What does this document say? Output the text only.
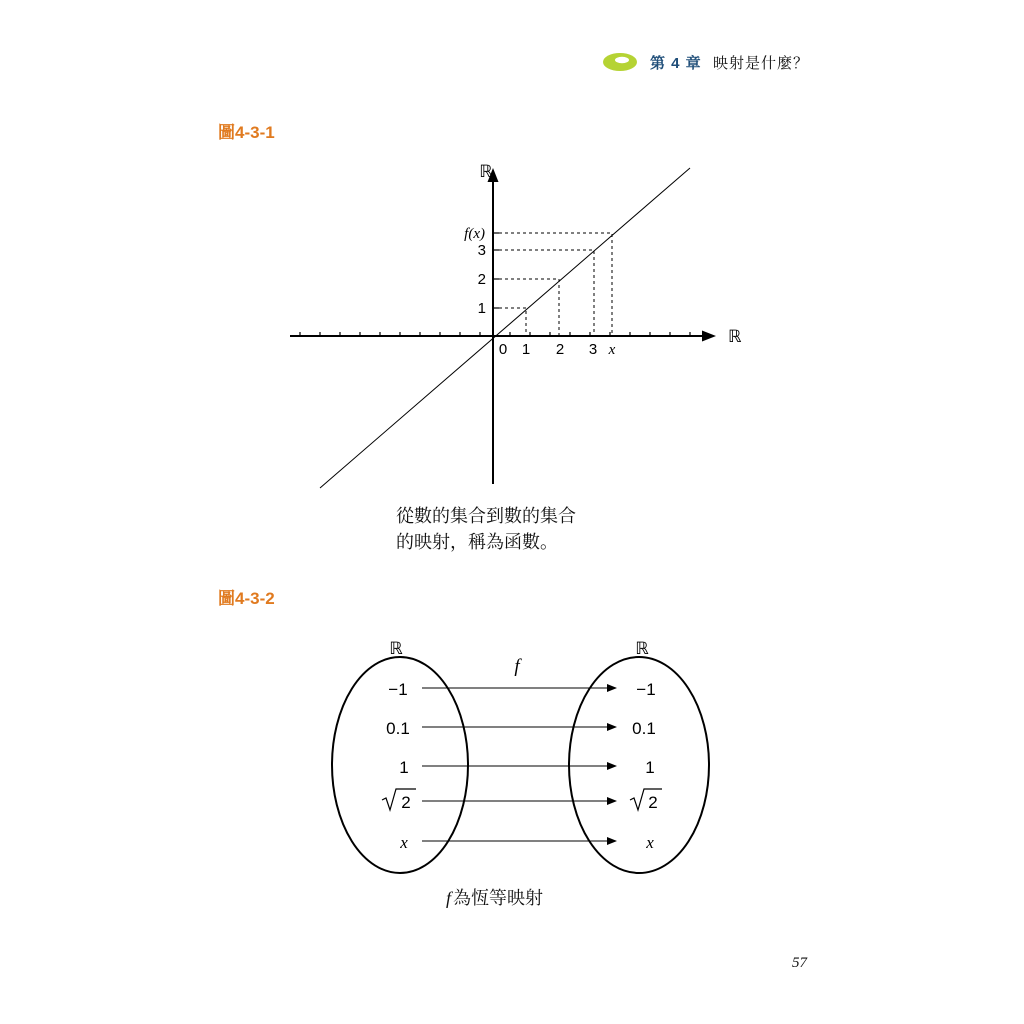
第 4 章 映射是什麼？
圖4-3-1
ℝ
ℝ
f(x)
3
2
1
0 1 2 3 x
從數的集合到數的集合
的映射，稱為函數。
圖4-3-2
ℝ	ℝ
f
−1
0.1
1
2
x
−1
0.1
1
2
x
f 為恆等映射
57
